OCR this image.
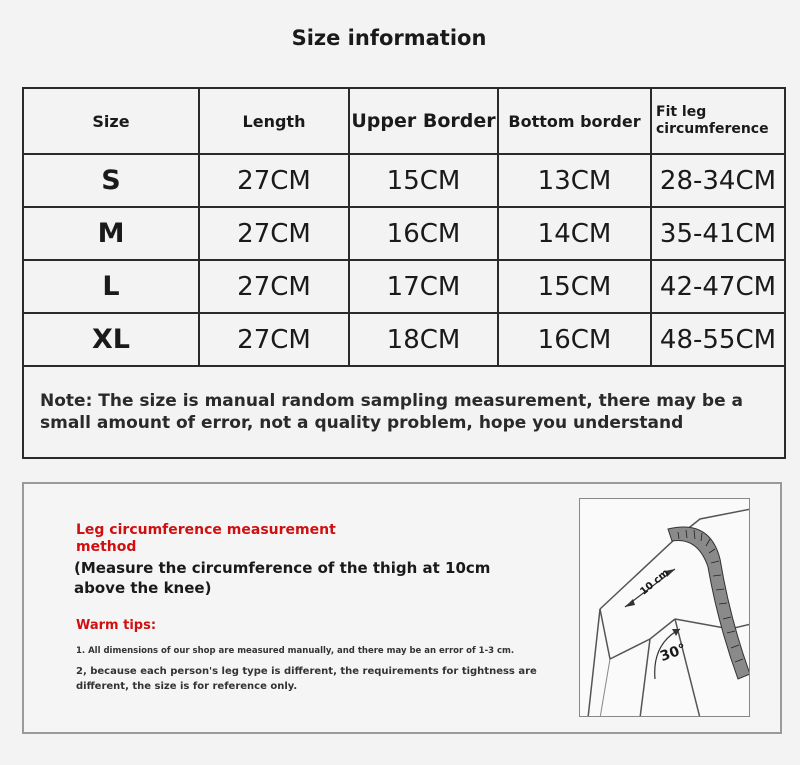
Size information
Size	Length	Upper Border	Bottom border	Fit leg circumference
S	27CM	15CM	13CM	28-34CM
M	27CM	16CM	14CM	35-41CM
L	27CM	17CM	15CM	42-47CM
XL	27CM	18CM	16CM	48-55CM
Note: The size is manual random sampling measurement, there may be a small amount of error, not a quality problem, hope you understand				
Leg circumference measurement method
(Measure the circumference of the thigh at 10cm above the knee)
Warm tips:
1. All dimensions of our shop are measured manually, and there may be an error of 1-3 cm.
2, because each person's leg type is different, the requirements for tightness are different, the size is for reference only.
10 cm
30°
